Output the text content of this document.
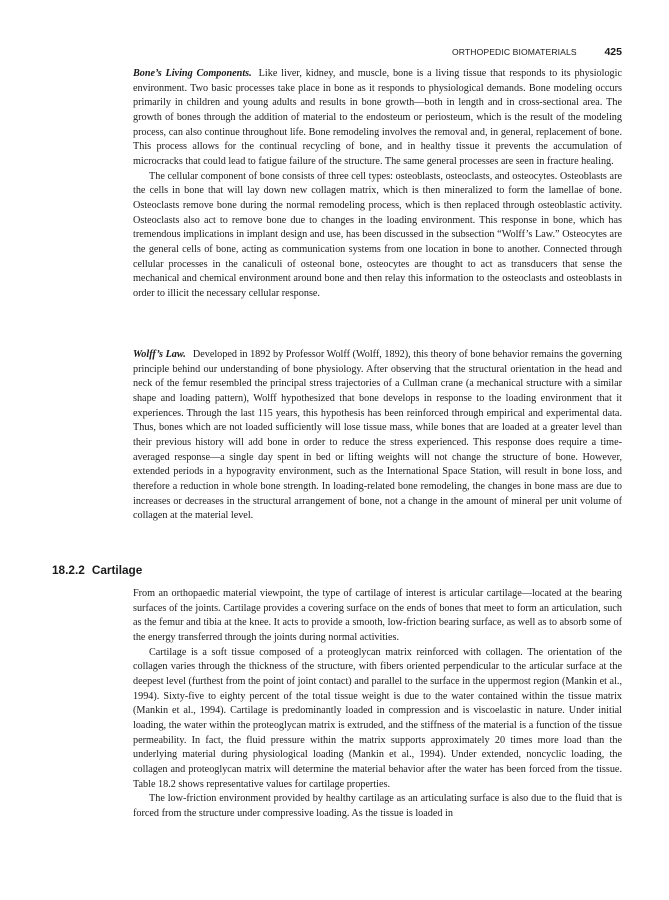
ORTHOPEDIC BIOMATERIALS	425

Bone’s Living Components. Like liver, kidney, and muscle, bone is a living tissue that responds to its physiologic environment. Two basic processes take place in bone as it responds to physiological demands. Bone modeling occurs primarily in children and young adults and results in bone growth—both in length and in cross-sectional area. The growth of bones through the addition of material to the endosteum or periosteum, which is the result of the modeling process, can also continue throughout life. Bone remodeling involves the removal and, in general, replacement of bone. This process allows for the continual recycling of bone, and in healthy tissue it prevents the accumulation of microcracks that could lead to fatigue failure of the structure. The same general processes are seen in fracture healing.

The cellular component of bone consists of three cell types: osteoblasts, osteoclasts, and osteocytes. Osteoblasts are the cells in bone that will lay down new collagen matrix, which is then mineralized to form the lamellae of bone. Osteoclasts remove bone during the normal remodeling process, which is then replaced through osteoblastic activity. Osteoclasts also act to remove bone due to changes in the loading environment. This response in bone, which has tremendous implications in implant design and use, has been discussed in the subsection “Wolff’s Law.” Osteocytes are the general cells of bone, acting as communication systems from one location in bone to another. Connected through cellular processes in the canaliculi of osteonal bone, osteocytes are thought to act as transducers that sense the mechanical and chemical environment around bone and then relay this information to the osteoclasts and osteoblasts in order to illicit the necessary cellular response.

Wolff’s Law. Developed in 1892 by Professor Wolff (Wolff, 1892), this theory of bone behavior remains the governing principle behind our understanding of bone physiology. After observing that the structural orientation in the head and neck of the femur resembled the principal stress trajectories of a Cullman crane (a mechanical structure with a similar shape and loading pattern), Wolff hypothesized that bone develops in response to the loading environment that it experiences. Through the last 115 years, this hypothesis has been reinforced through empirical and experimental data. Thus, bones which are not loaded sufficiently will lose tissue mass, while bones that are loaded at a greater level than their previous history will add bone in order to reduce the stress experienced. This response does require a time-averaged response—a single day spent in bed or lifting weights will not change the structure of bone. However, extended periods in a hypogravity environment, such as the International Space Station, will result in bone loss, and therefore a reduction in whole bone strength. In loading-related bone remodeling, the changes in bone mass are due to increases or decreases in the structural arrangement of bone, not a change in the amount of mineral per unit volume of collagen at the material level.

18.2.2 Cartilage

From an orthopaedic material viewpoint, the type of cartilage of interest is articular cartilage—located at the bearing surfaces of the joints. Cartilage provides a covering surface on the ends of bones that meet to form an articulation, such as the femur and tibia at the knee. It acts to provide a smooth, low-friction bearing surface, as well as to absorb some of the energy transferred through the joints during normal activities.

Cartilage is a soft tissue composed of a proteoglycan matrix reinforced with collagen. The orientation of the collagen varies through the thickness of the structure, with fibers oriented perpendicular to the articular surface at the deepest level (furthest from the point of joint contact) and parallel to the surface in the uppermost region (Mankin et al., 1994). Sixty-five to eighty percent of the total tissue weight is due to the water contained within the tissue matrix (Mankin et al., 1994). Cartilage is predominantly loaded in compression and is viscoelastic in nature. Under initial loading, the water within the proteoglycan matrix is extruded, and the stiffness of the material is a function of the tissue permeability. In fact, the fluid pressure within the matrix supports approximately 20 times more load than the underlying material during physiological loading (Mankin et al., 1994). Under extended, noncyclic loading, the collagen and proteoglycan matrix will determine the material behavior after the water has been forced from the tissue. Table 18.2 shows representative values for cartilage properties.

The low-friction environment provided by healthy cartilage as an articulating surface is also due to the fluid that is forced from the structure under compressive loading. As the tissue is loaded in
